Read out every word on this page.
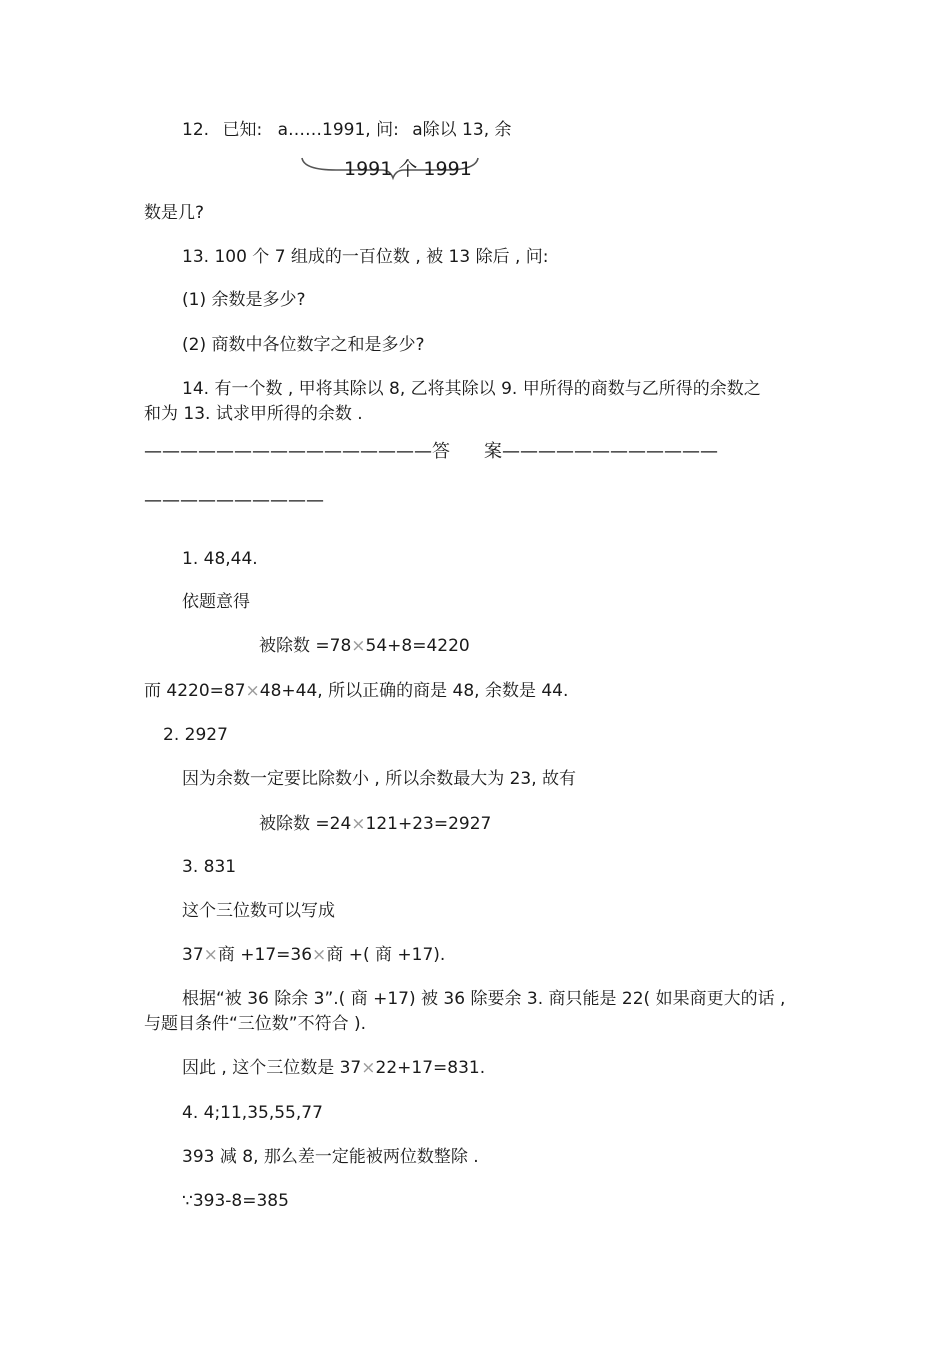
12. 已知: a……1991, 问: a除以 13, 余
1991 个 1991
数是几?
13. 100 个 7 组成的一百位数 , 被 13 除后 , 问:
(1) 余数是多少?
(2) 商数中各位数字之和是多少?
14. 有一个数 , 甲将其除以 8, 乙将其除以 9. 甲所得的商数与乙所得的余数之
和为 13. 试求甲所得的余数 .
————————————————答 案————————————
——————————
1. 48,44.
依题意得
被除数 =78×54+8=4220
而 4220=87×48+44, 所以正确的商是 48, 余数是 44.
2. 2927
因为余数一定要比除数小 , 所以余数最大为 23, 故有
被除数 =24×121+23=2927
3. 831
这个三位数可以写成
37×商 +17=36×商 +( 商 +17).
根据“被 36 除余 3”.( 商 +17) 被 36 除要余 3. 商只能是 22( 如果商更大的话 ,
与题目条件“三位数”不符合 ).
因此 , 这个三位数是 37×22+17=831.
4. 4;11,35,55,77
393 减 8, 那么差一定能被两位数整除 .
∵393-8=385
